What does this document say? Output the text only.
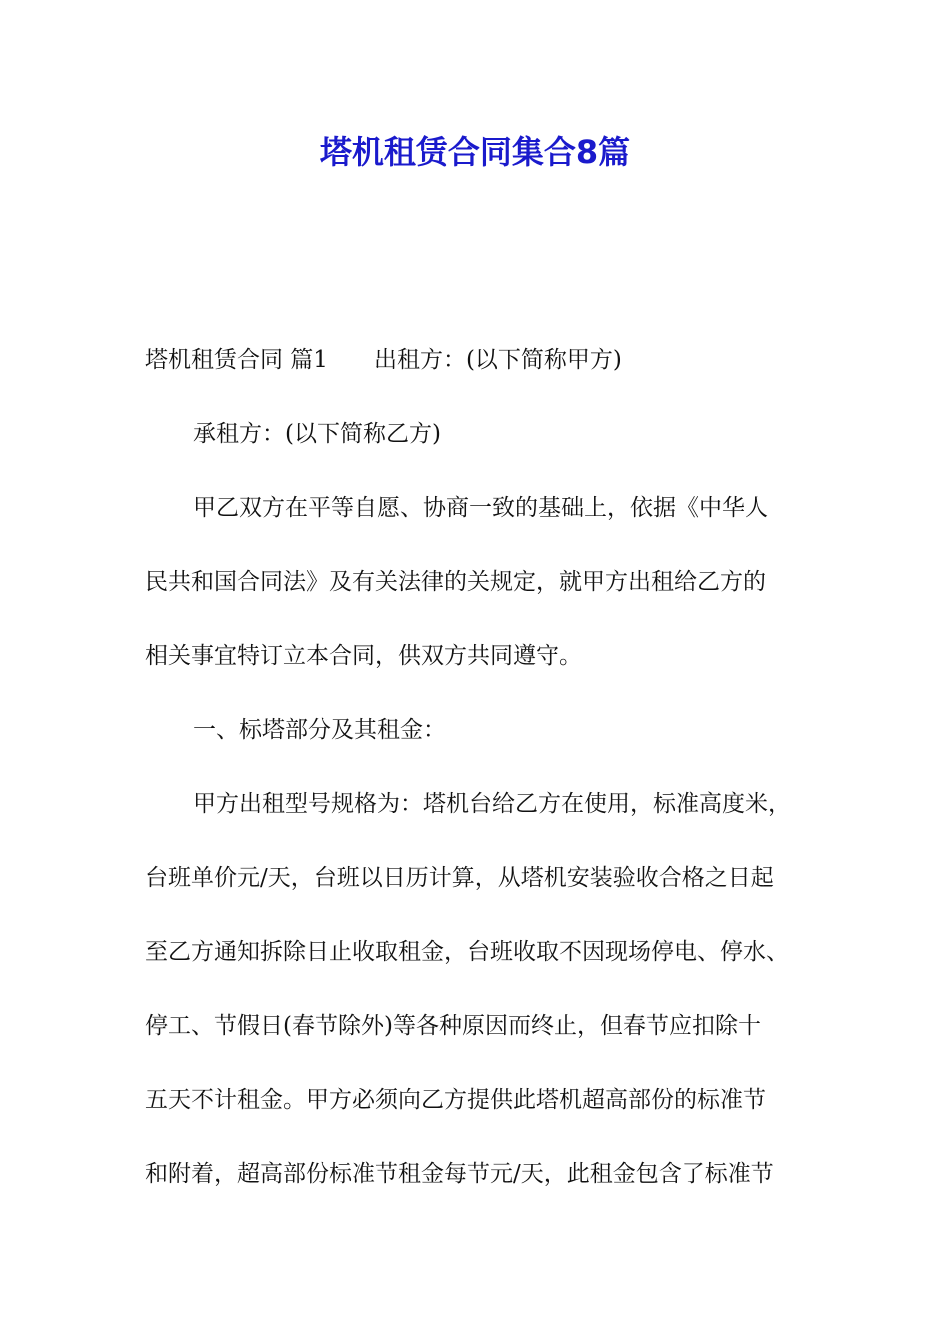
塔机租赁合同集合8篇

塔机租赁合同 篇1 出租方：(以下简称甲方)

承租方：(以下简称乙方)

甲乙双方在平等自愿、协商一致的基础上，依据《中华人

民共和国合同法》及有关法律的关规定，就甲方出租给乙方的

相关事宜特订立本合同，供双方共同遵守。

一、标塔部分及其租金：

甲方出租型号规格为：塔机台给乙方在使用，标准高度米，

台班单价元/天，台班以日历计算，从塔机安装验收合格之日起

至乙方通知拆除日止收取租金，台班收取不因现场停电、停水、

停工、节假日(春节除外)等各种原因而终止，但春节应扣除十

五天不计租金。甲方必须向乙方提供此塔机超高部份的标准节

和附着，超高部份标准节租金每节元/天，此租金包含了标准节
